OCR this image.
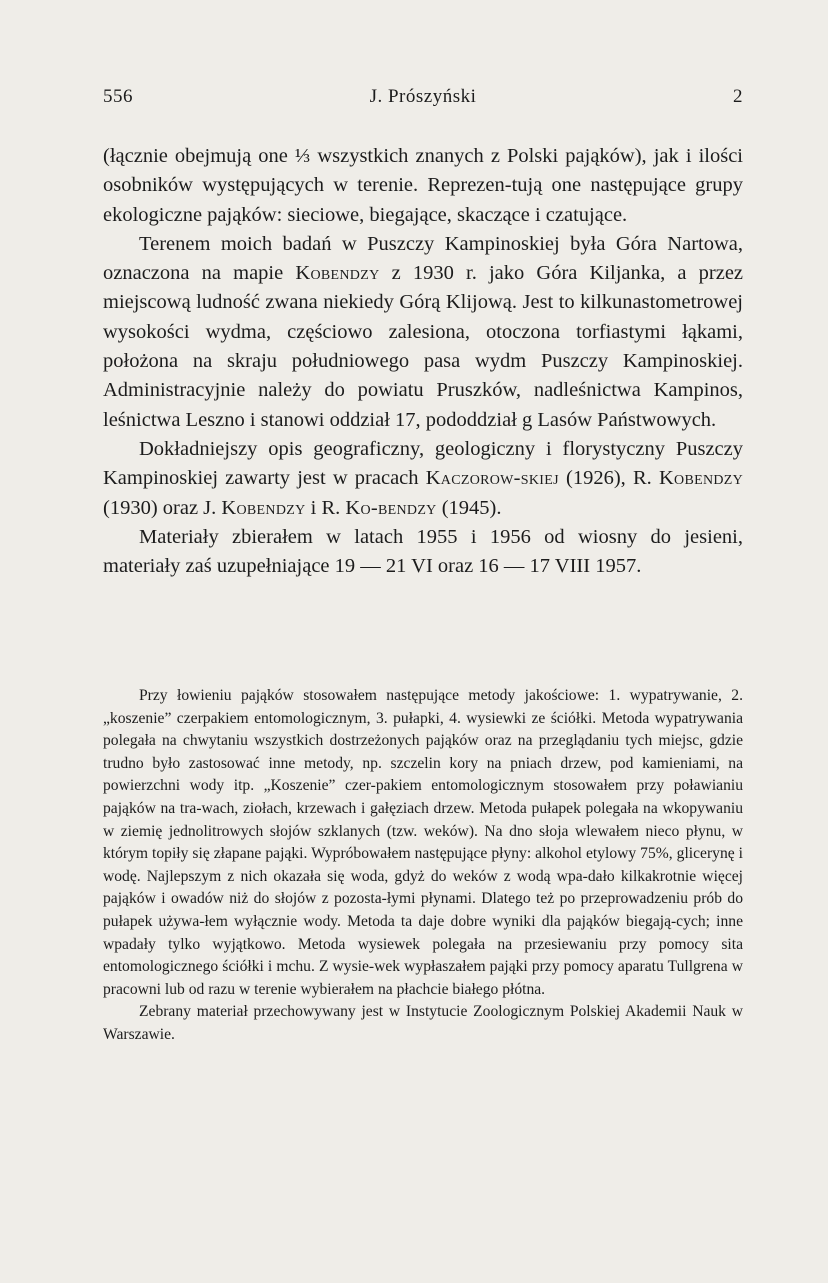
556	J. Prószyński	2

(łącznie obejmują one ⅓ wszystkich znanych z Polski pająków), jak i ilości osobników występujących w terenie. Reprezen-tują one następujące grupy ekologiczne pająków: sieciowe, biegające, skaczące i czatujące.

Terenem moich badań w Puszczy Kampinoskiej była Góra Nartowa, oznaczona na mapie Kobendzy z 1930 r. jako Góra Kiljanka, a przez miejscową ludność zwana niekiedy Górą Klijową. Jest to kilkunastometrowej wysokości wydma, częściowo zalesiona, otoczona torfiastymi łąkami, położona na skraju południowego pasa wydm Puszczy Kampinoskiej. Administracyjnie należy do powiatu Pruszków, nadleśnictwa Kampinos, leśnictwa Leszno i stanowi oddział 17, pododdział g Lasów Państwowych.

Dokładniejszy opis geograficzny, geologiczny i florystyczny Puszczy Kampinoskiej zawarty jest w pracach Kaczorow-skiej (1926), R. Kobendzy (1930) oraz J. Kobendzy i R. Ko-bendzy (1945).

Materiały zbierałem w latach 1955 i 1956 od wiosny do jesieni, materiały zaś uzupełniające 19 — 21 VI oraz 16 — 17 VIII 1957.

Przy łowieniu pająków stosowałem następujące metody jakościowe: 1. wypatrywanie, 2. „koszenie” czerpakiem entomologicznym, 3. pułapki, 4. wysiewki ze ściółki. Metoda wypatrywania polegała na chwytaniu wszystkich dostrzeżonych pająków oraz na przeglądaniu tych miejsc, gdzie trudno było zastosować inne metody, np. szczelin kory na pniach drzew, pod kamieniami, na powierzchni wody itp. „Koszenie” czer-pakiem entomologicznym stosowałem przy poławianiu pająków na tra-wach, ziołach, krzewach i gałęziach drzew. Metoda pułapek polegała na wkopywaniu w ziemię jednolitrowych słojów szklanych (tzw. weków). Na dno słoja wlewałem nieco płynu, w którym topiły się złapane pająki. Wypróbowałem następujące płyny: alkohol etylowy 75%, glicerynę i wodę. Najlepszym z nich okazała się woda, gdyż do weków z wodą wpa-dało kilkakrotnie więcej pająków i owadów niż do słojów z pozosta-łymi płynami. Dlatego też po przeprowadzeniu prób do pułapek używa-łem wyłącznie wody. Metoda ta daje dobre wyniki dla pająków biegają-cych; inne wpadały tylko wyjątkowo. Metoda wysiewek polegała na przesiewaniu przy pomocy sita entomologicznego ściółki i mchu. Z wysie-wek wypłaszałem pająki przy pomocy aparatu Tullgrena w pracowni lub od razu w terenie wybierałem na płachcie białego płótna.

Zebrany materiał przechowywany jest w Instytucie Zoologicznym Polskiej Akademii Nauk w Warszawie.
